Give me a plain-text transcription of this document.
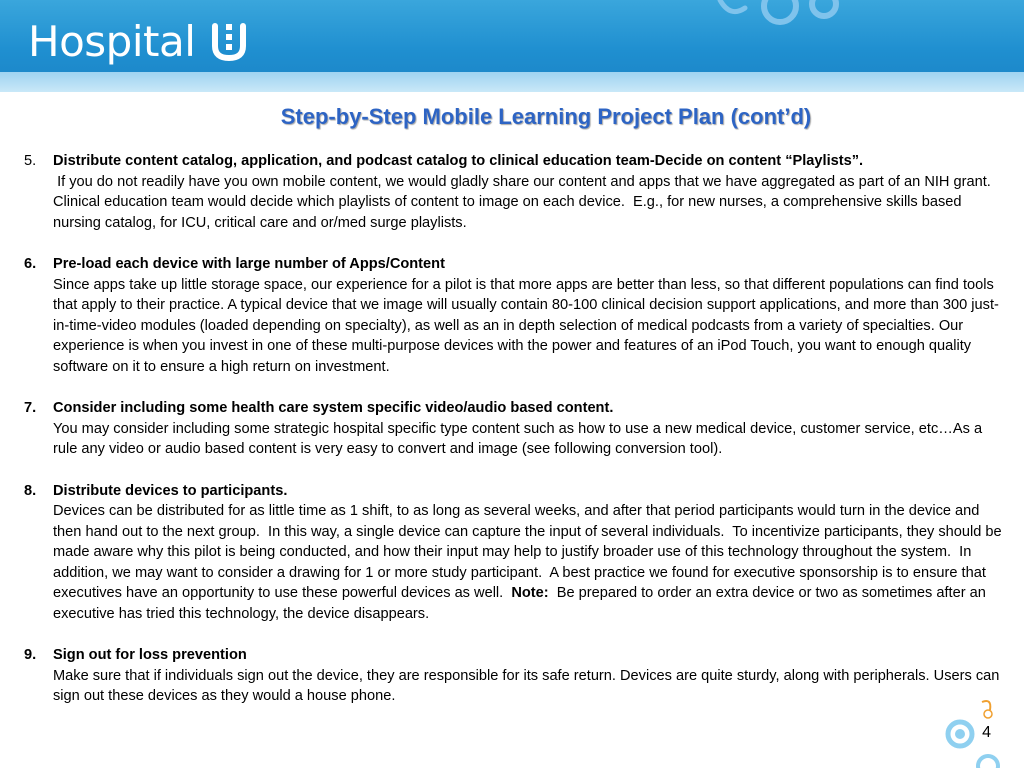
Hospital
Step-by-Step Mobile Learning Project Plan (cont’d)
5.	Distribute content catalog, application, and podcast catalog to clinical education team-Decide on content “Playlists”.
If you do not readily have you own mobile content, we would gladly share our content and apps that we have aggregated as part of an NIH grant.  Clinical education team would decide which playlists of content to image on each device.  E.g., for new nurses, a comprehensive skills based nursing catalog, for ICU, critical care and or/med surge playlists.
6.	Pre-load each device with large number of Apps/Content
Since apps take up little storage space, our experience for a pilot is that more apps are better than less, so that different populations can find tools that apply to their practice. A typical device that we image will usually contain 80-100 clinical decision support applications, and more than 300 just-in-time-video modules (loaded depending on specialty), as well as an in depth selection of medical podcasts from a variety of specialties. Our experience is when you invest in one of these multi-purpose devices with the power and features of an iPod Touch, you want to enough quality software on it to ensure a high return on investment.
7.	Consider including some health care system specific video/audio based content.
You may consider including some strategic hospital specific type content such as how to use a new medical device, customer service, etc…As a rule any video or audio based content is very easy to convert and image (see following conversion tool).
8.	Distribute devices to participants.
Devices can be distributed for as little time as 1 shift, to as long as several weeks, and after that period participants would turn in the device and then hand out to the next group.  In this way, a single device can capture the input of several individuals.  To incentivize participants, they should be made aware why this pilot is being conducted, and how their input may help to justify broader use of this technology throughout the system.  In addition, we may want to consider a drawing for 1 or more study participant.  A best practice we found for executive sponsorship is to ensure that executives have an opportunity to use these powerful devices as well.  Note:  Be prepared to order an extra device or two as sometimes after an executive has tried this technology, the device disappears.
9.	Sign out for loss prevention
Make sure that if individuals sign out the device, they are responsible for its safe return. Devices are quite sturdy, along with peripherals. Users can sign out these devices as they would a house phone.
4
